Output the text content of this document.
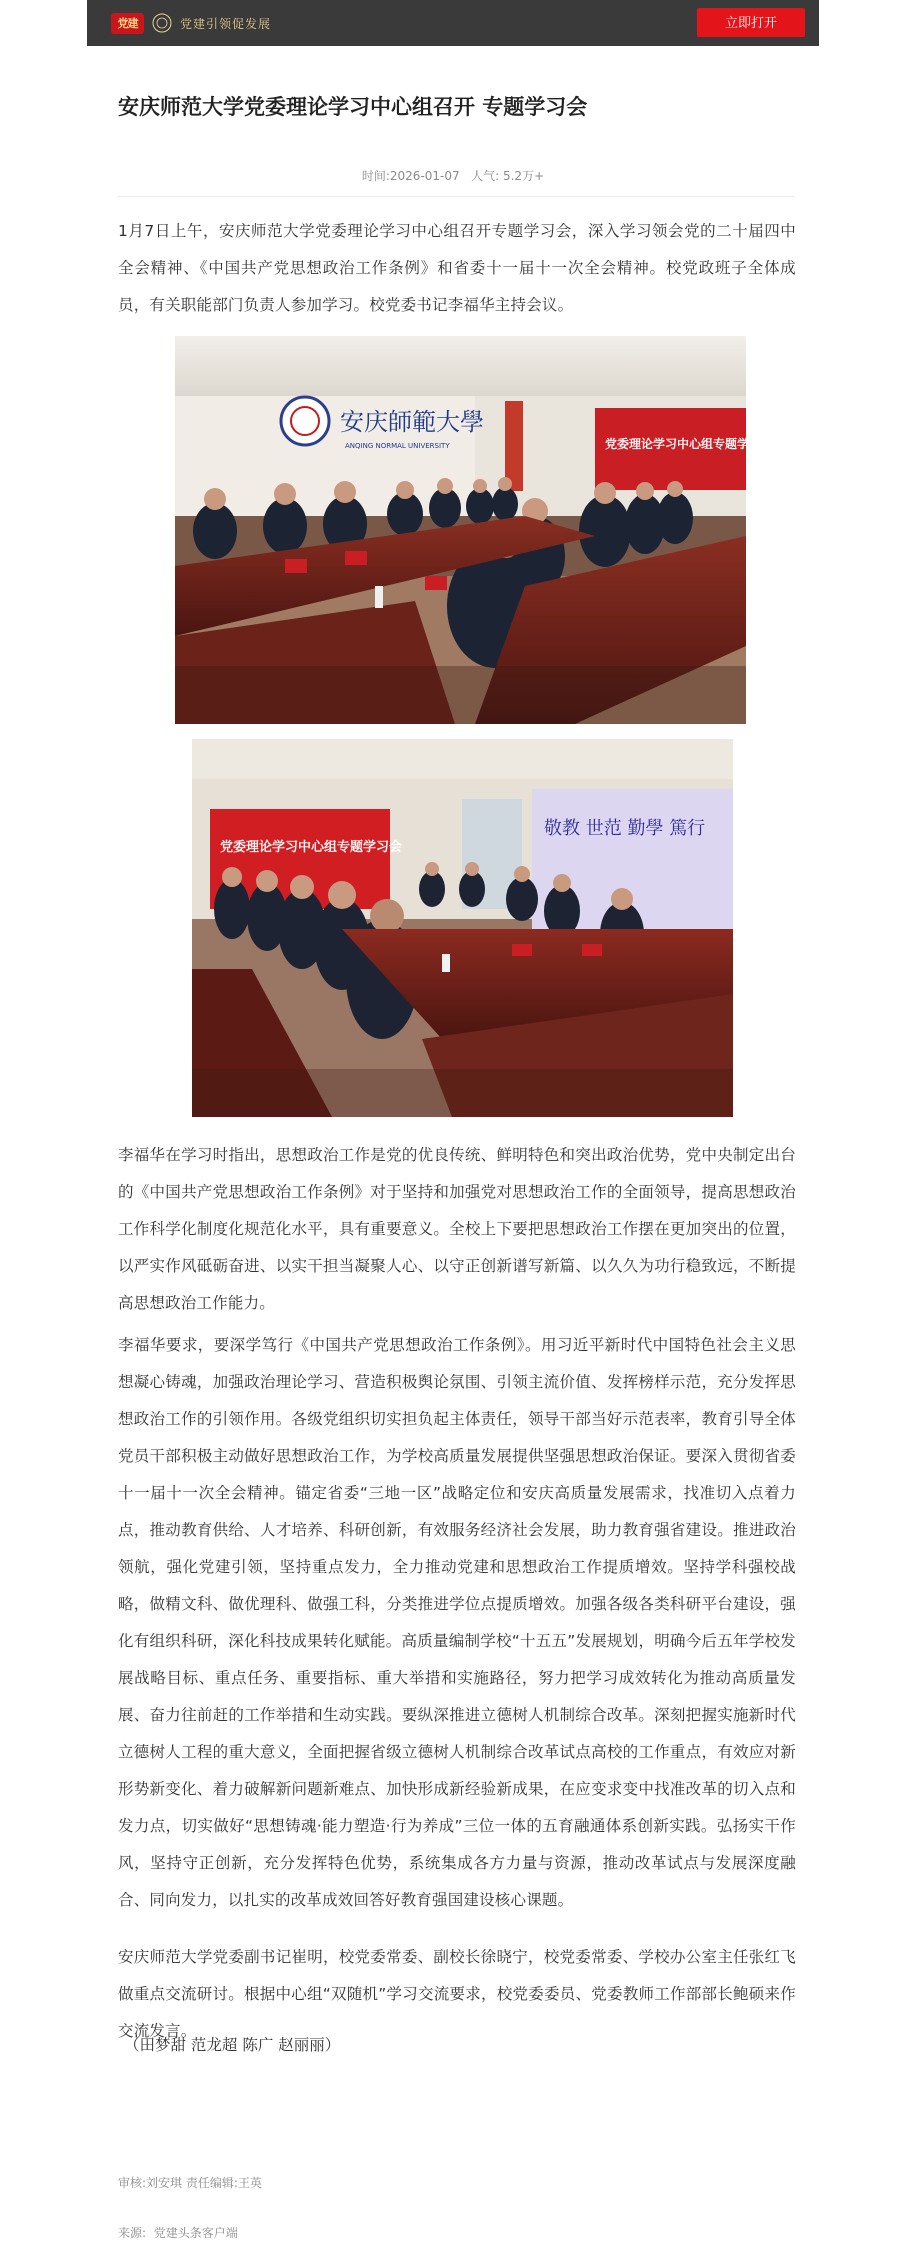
党建	党建引领促发展	立即打开
安庆师范大学党委理论学习中心组召开 专题学习会
时间:2026-01-07 人气: 5.2万+

1月7日上午，安庆师范大学党委理论学习中心组召开专题学习会，深入学习领会党的二十届四中全会精神、《中国共产党思想政治工作条例》和省委十一届十一次全会精神。校党政班子全体成员，有关职能部门负责人参加学习。校党委书记李福华主持会议。

安庆師範大學
ANQING NORMAL UNIVERSITY	党委理论学习中心组专题学习会
党委理论学习中心组专题学习会
敬教 世范 勤學 篤行

李福华在学习时指出，思想政治工作是党的优良传统、鲜明特色和突出政治优势，党中央制定出台的《中国共产党思想政治工作条例》对于坚持和加强党对思想政治工作的全面领导，提高思想政治工作科学化制度化规范化水平，具有重要意义。全校上下要把思想政治工作摆在更加突出的位置，以严实作风砥砺奋进、以实干担当凝聚人心、以守正创新谱写新篇、以久久为功行稳致远，不断提高思想政治工作能力。

李福华要求，要深学笃行《中国共产党思想政治工作条例》。用习近平新时代中国特色社会主义思想凝心铸魂，加强政治理论学习、营造积极舆论氛围、引领主流价值、发挥榜样示范，充分发挥思想政治工作的引领作用。各级党组织切实担负起主体责任，领导干部当好示范表率，教育引导全体党员干部积极主动做好思想政治工作，为学校高质量发展提供坚强思想政治保证。要深入贯彻省委十一届十一次全会精神。锚定省委“三地一区”战略定位和安庆高质量发展需求，找准切入点着力点，推动教育供给、人才培养、科研创新，有效服务经济社会发展，助力教育强省建设。推进政治领航，强化党建引领，坚持重点发力，全力推动党建和思想政治工作提质增效。坚持学科强校战略，做精文科、做优理科、做强工科，分类推进学位点提质增效。加强各级各类科研平台建设，强化有组织科研，深化科技成果转化赋能。高质量编制学校“十五五”发展规划，明确今后五年学校发展战略目标、重点任务、重要指标、重大举措和实施路径，努力把学习成效转化为推动高质量发展、奋力往前赶的工作举措和生动实践。要纵深推进立德树人机制综合改革。深刻把握实施新时代立德树人工程的重大意义，全面把握省级立德树人机制综合改革试点高校的工作重点，有效应对新形势新变化、着力破解新问题新难点、加快形成新经验新成果，在应变求变中找准改革的切入点和发力点，切实做好“思想铸魂·能力塑造·行为养成”三位一体的五育融通体系创新实践。弘扬实干作风，坚持守正创新，充分发挥特色优势，系统集成各方力量与资源，推动改革试点与发展深度融合、同向发力，以扎实的改革成效回答好教育强国建设核心课题。

安庆师范大学党委副书记崔明，校党委常委、副校长徐晓宁，校党委常委、学校办公室主任张红飞做重点交流研讨。根据中心组“双随机”学习交流要求，校党委委员、党委教师工作部部长鲍硕来作交流发言。

（田梦甜 范龙超 陈广 赵丽丽）
审核:刘安琪 责任编辑:王英
来源: 党建头条客户端
